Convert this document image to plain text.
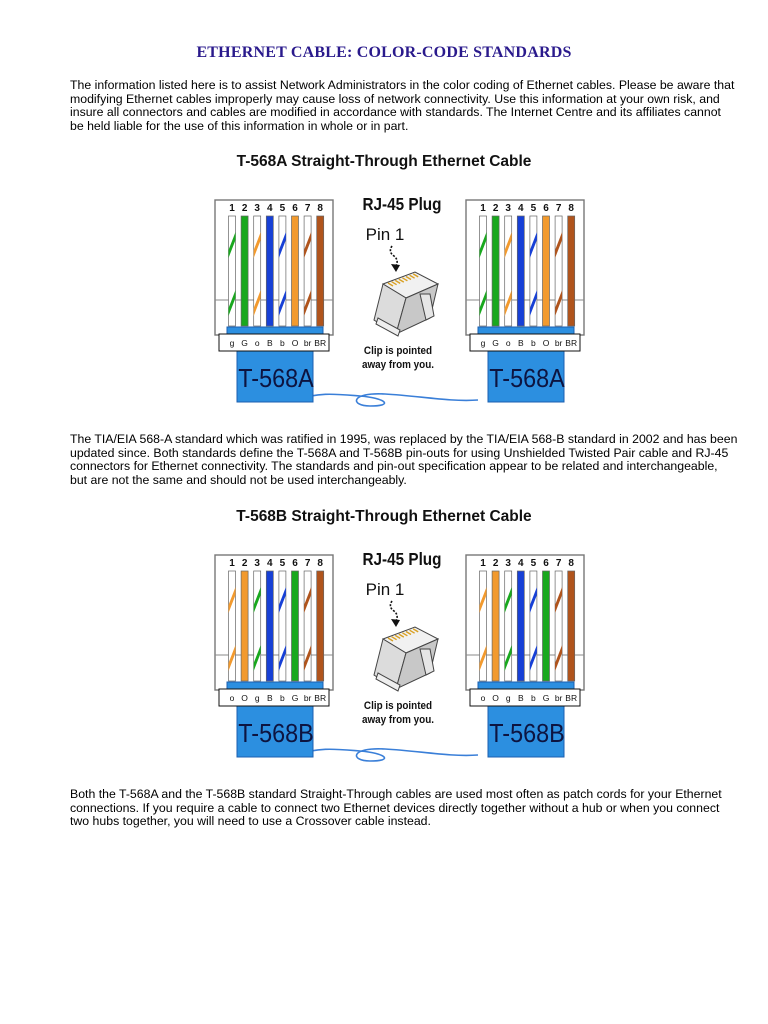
ETHERNET CABLE: COLOR-CODE STANDARDS
The information listed here is to assist Network Administrators in the color coding of Ethernet cables. Please be aware that modifying Ethernet cables improperly may cause loss of network connectivity. Use this information at your own risk, and insure all connectors and cables are modified in accordance with standards. The Internet Centre and its affiliates cannot be held liable for the use of this information in whole or in part.
T-568A Straight-Through Ethernet Cable
1 2 3 4 5 6 7 8
g G o B b O br BR
T-568A
1 2 3 4 5 6 7 8
g G o B b O br BR
T-568A
RJ-45 Plug
Pin 1
Clip is pointed
away from you.
The TIA/EIA 568-A standard which was ratified in 1995, was replaced by the TIA/EIA 568-B standard in 2002 and has been updated since. Both standards define the T-568A and T-568B pin-outs for using Unshielded Twisted Pair cable and RJ-45 connectors for Ethernet connectivity. The standards and pin-out specification appear to be related and interchangeable, but are not the same and should not be used interchangeably.
T-568B Straight-Through Ethernet Cable
1 2 3 4 5 6 7 8
o O g B b G br BR
T-568B
1 2 3 4 5 6 7 8
o O g B b G br BR
T-568B
RJ-45 Plug
Pin 1
Clip is pointed
away from you.
Both the T-568A and the T-568B standard Straight-Through cables are used most often as patch cords for your Ethernet connections. If you require a cable to connect two Ethernet devices directly together without a hub or when you connect two hubs together, you will need to use a Crossover cable instead.
